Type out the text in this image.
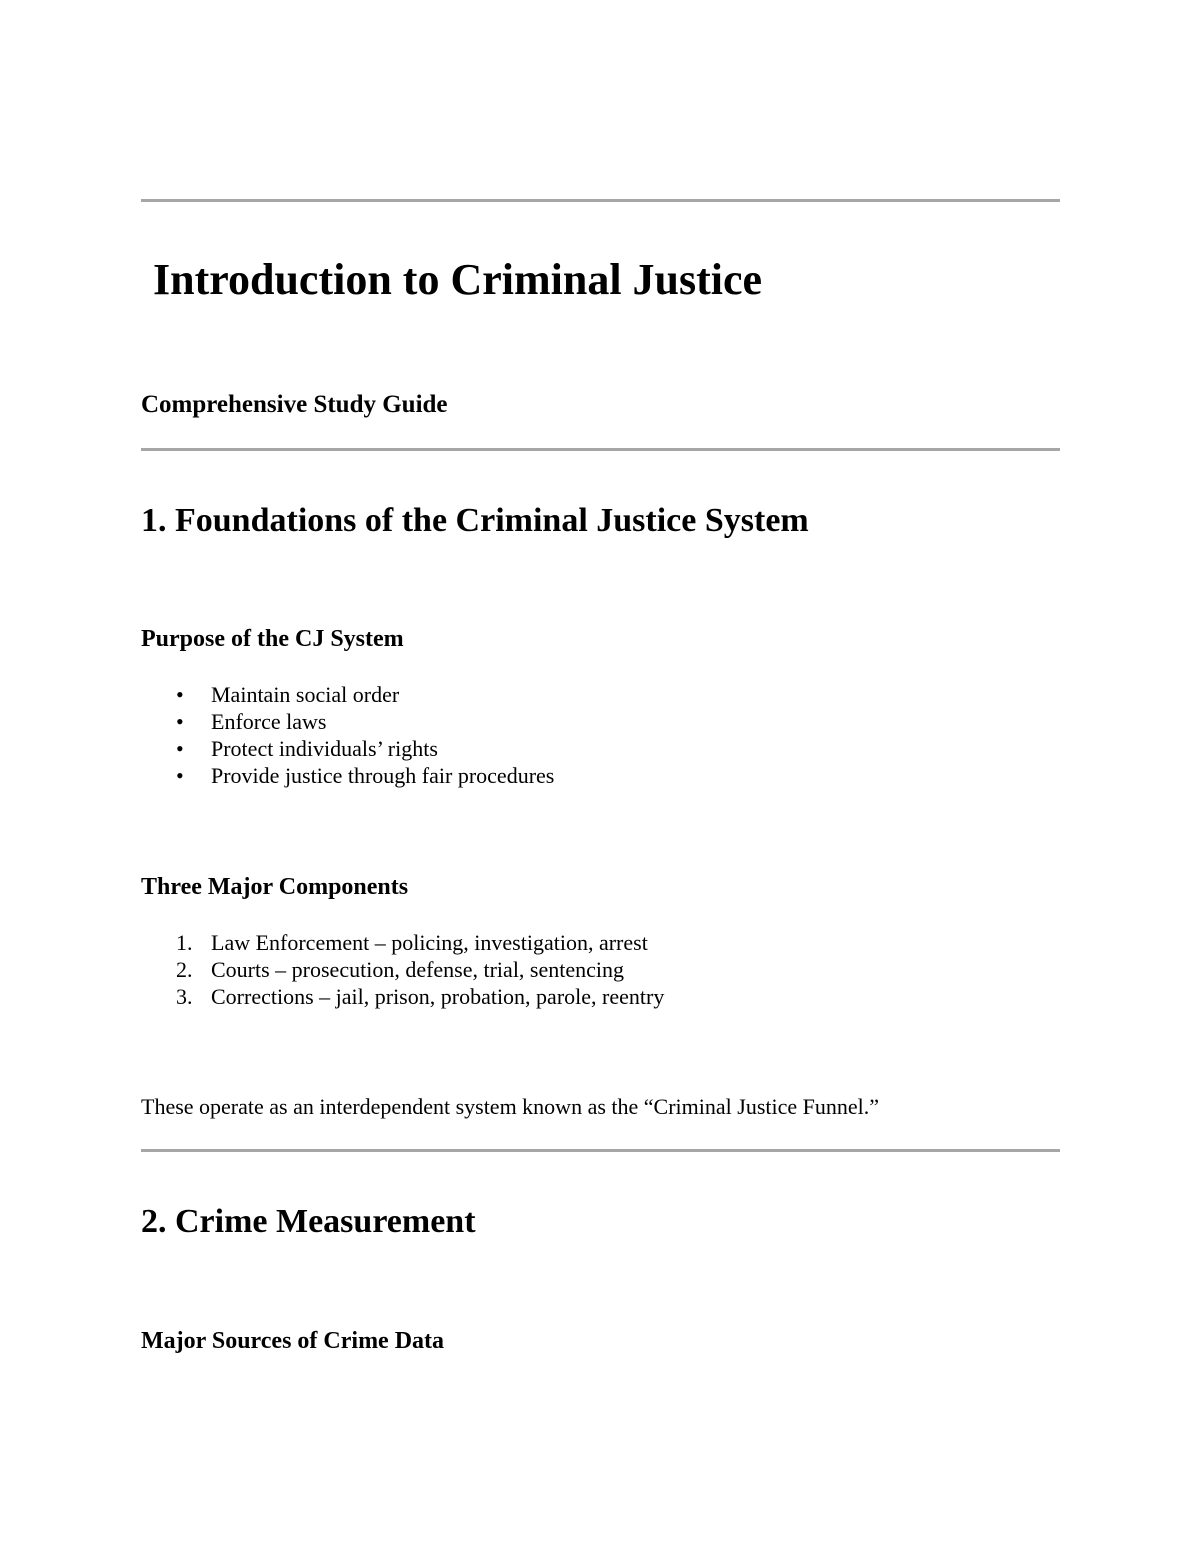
Introduction to Criminal Justice
Comprehensive Study Guide
1. Foundations of the Criminal Justice System
Purpose of the CJ System
• Maintain social order
• Enforce laws
• Protect individuals’ rights
• Provide justice through fair procedures
Three Major Components
1. Law Enforcement – policing, investigation, arrest
2. Courts – prosecution, defense, trial, sentencing
3. Corrections – jail, prison, probation, parole, reentry
These operate as an interdependent system known as the “Criminal Justice Funnel.”
2. Crime Measurement
Major Sources of Crime Data
